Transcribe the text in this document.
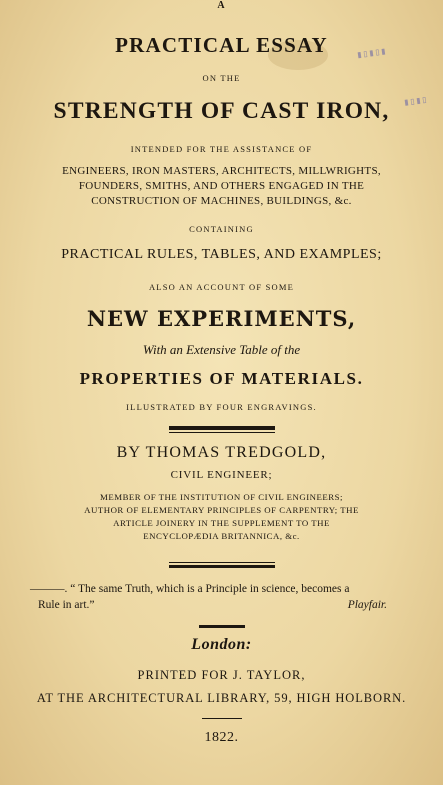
▮▯▮▯▮
▮▯▮▯
A
PRACTICAL ESSAY
ON THE
STRENGTH OF CAST IRON,
INTENDED FOR THE ASSISTANCE OF
ENGINEERS, IRON MASTERS, ARCHITECTS, MILLWRIGHTS,
FOUNDERS, SMITHS, AND OTHERS ENGAGED IN THE
CONSTRUCTION OF MACHINES, BUILDINGS, &c.
CONTAINING
PRACTICAL RULES, TABLES, AND EXAMPLES;
ALSO AN ACCOUNT OF SOME
NEW EXPERIMENTS,
With an Extensive Table of the
PROPERTIES OF MATERIALS.
ILLUSTRATED BY FOUR ENGRAVINGS.
BY THOMAS TREDGOLD,
CIVIL ENGINEER;
MEMBER OF THE INSTITUTION OF CIVIL ENGINEERS;
AUTHOR OF ELEMENTARY PRINCIPLES OF CARPENTRY; THE
ARTICLE JOINERY IN THE SUPPLEMENT TO THE
ENCYCLOPÆDIA BRITANNICA, &c.
———. “ The same Truth, which is a Principle in science, becomes a
Rule in art.”	Playfair.
London:
PRINTED FOR J. TAYLOR,
AT THE ARCHITECTURAL LIBRARY, 59, HIGH HOLBORN.
1822.
